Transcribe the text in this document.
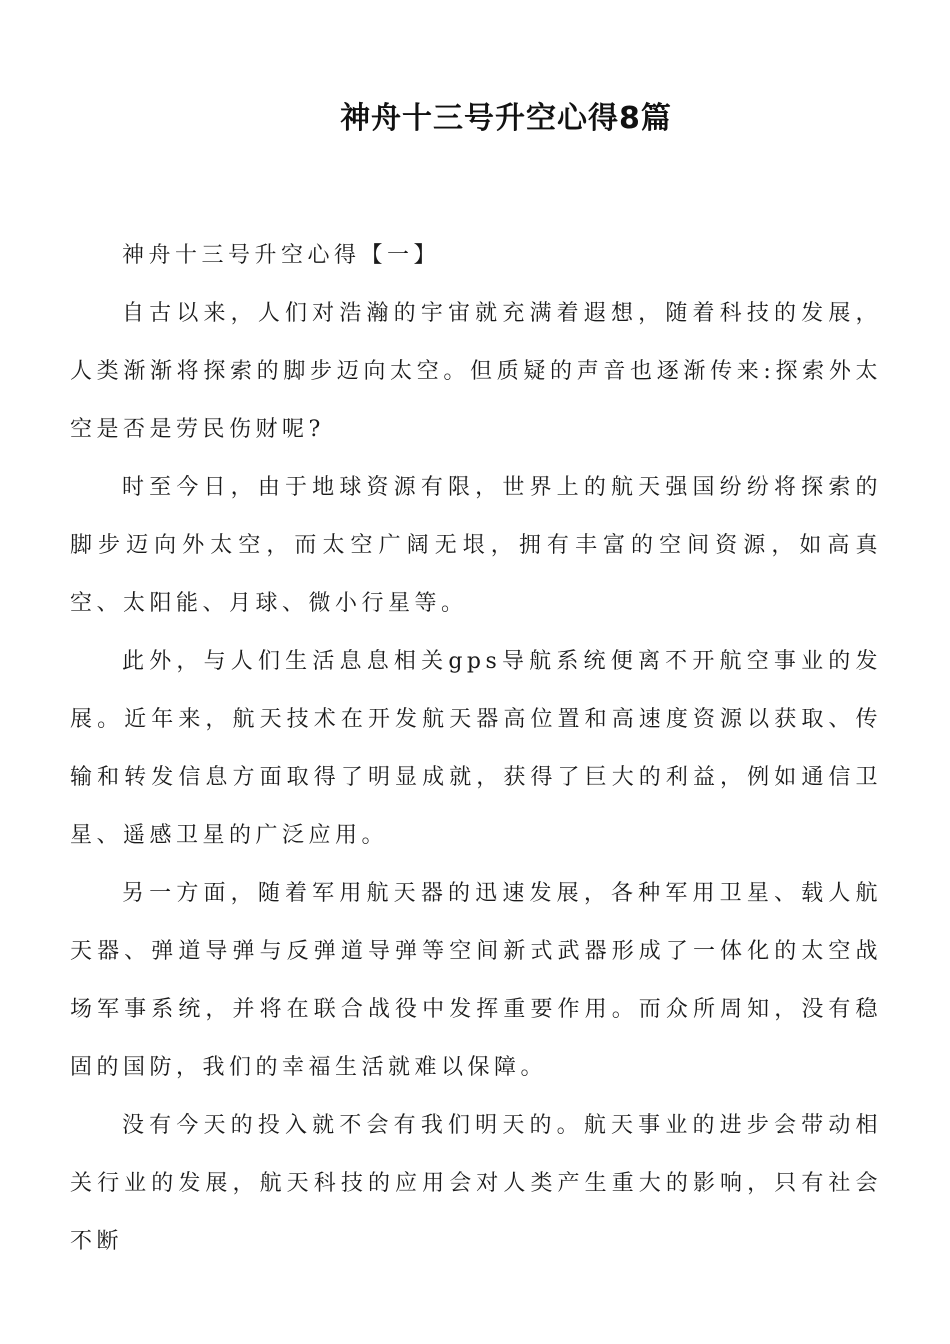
神舟十三号升空心得8篇

神舟十三号升空心得【一】

自古以来，人们对浩瀚的宇宙就充满着遐想，随着科技的发展，人类渐渐将探索的脚步迈向太空。但质疑的声音也逐渐传来:探索外太空是否是劳民伤财呢?

时至今日，由于地球资源有限，世界上的航天强国纷纷将探索的脚步迈向外太空，而太空广阔无垠，拥有丰富的空间资源，如高真空、太阳能、月球、微小行星等。

此外，与人们生活息息相关gps导航系统便离不开航空事业的发展。近年来，航天技术在开发航天器高位置和高速度资源以获取、传输和转发信息方面取得了明显成就，获得了巨大的利益，例如通信卫星、遥感卫星的广泛应用。

另一方面，随着军用航天器的迅速发展，各种军用卫星、载人航天器、弹道导弹与反弹道导弹等空间新式武器形成了一体化的太空战场军事系统，并将在联合战役中发挥重要作用。而众所周知，没有稳固的国防，我们的幸福生活就难以保障。

没有今天的投入就不会有我们明天的。航天事业的进步会带动相关行业的发展，航天科技的应用会对人类产生重大的影响，只有社会不断
